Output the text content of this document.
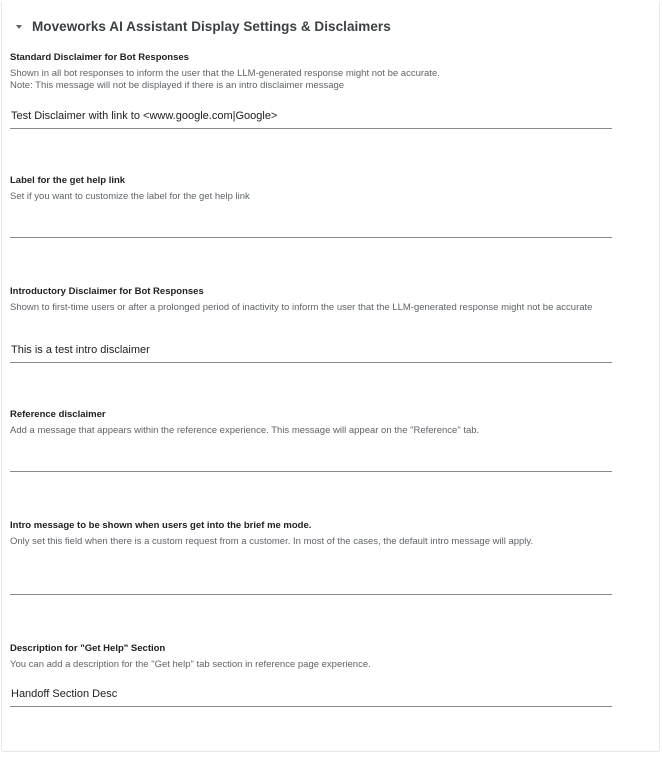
Moveworks AI Assistant Display Settings & Disclaimers
Standard Disclaimer for Bot Responses
Shown in all bot responses to inform the user that the LLM-generated response might not be accurate.
Note: This message will not be displayed if there is an intro disclaimer message
Test Disclaimer with link to <www.google.com|Google>
Label for the get help link
Set if you want to customize the label for the get help link
Introductory Disclaimer for Bot Responses
Shown to first-time users or after a prolonged period of inactivity to inform the user that the LLM-generated response might not be accurate
This is a test intro disclaimer
Reference disclaimer
Add a message that appears within the reference experience. This message will appear on the "Reference" tab.
Intro message to be shown when users get into the brief me mode.
Only set this field when there is a custom request from a customer. In most of the cases, the default intro message will apply.
Description for "Get Help" Section
You can add a description for the "Get help" tab section in reference page experience.
Handoff Section Desc
